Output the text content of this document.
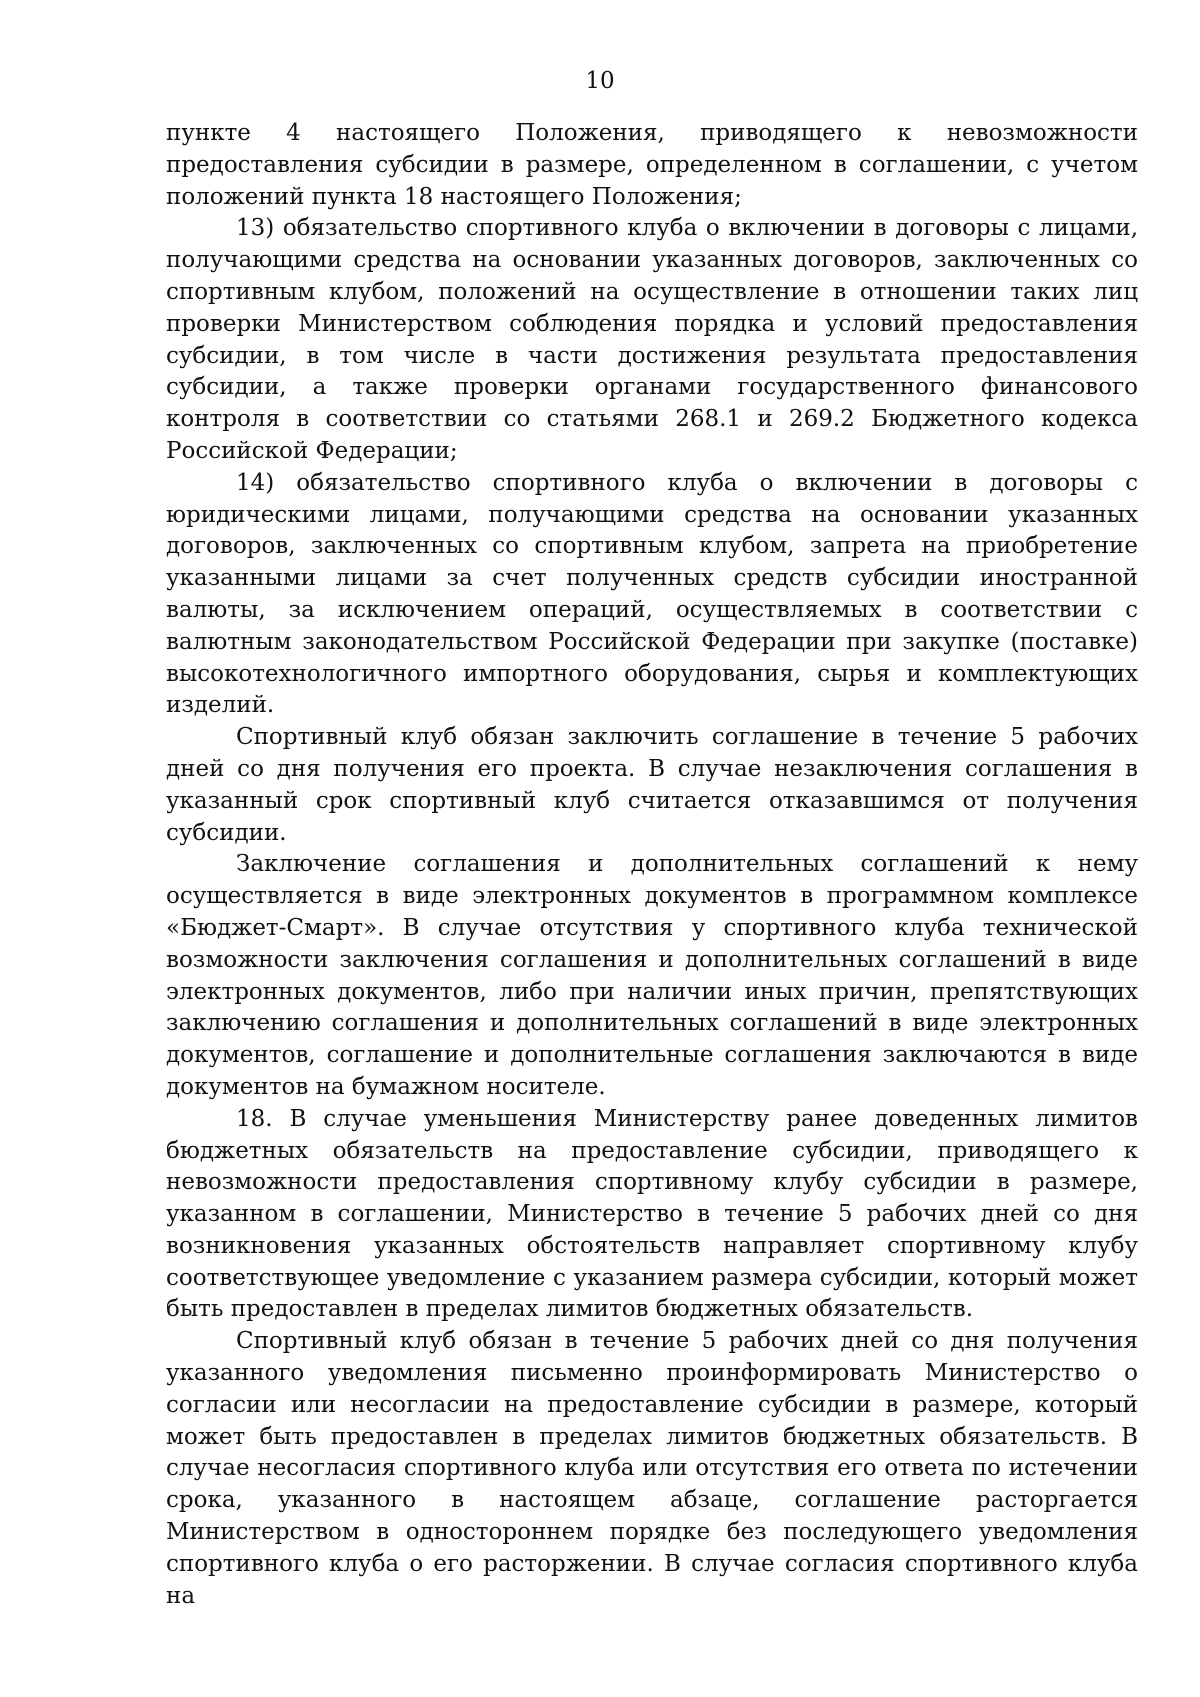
10

пункте 4 настоящего Положения, приводящего к невозможности предоставления субсидии в размере, определенном в соглашении, с учетом положений пункта 18 настоящего Положения;

13) обязательство спортивного клуба о включении в договоры с лицами, получающими средства на основании указанных договоров, заключенных со спортивным клубом, положений на осуществление в отношении таких лиц проверки Министерством соблюдения порядка и условий предоставления субсидии, в том числе в части достижения результата предоставления субсидии, а также проверки органами государственного финансового контроля в соответствии со статьями 268.1 и 269.2 Бюджетного кодекса Российской Федерации;

14) обязательство спортивного клуба о включении в договоры с юридическими лицами, получающими средства на основании указанных договоров, заключенных со спортивным клубом, запрета на приобретение указанными лицами за счет полученных средств субсидии иностранной валюты, за исключением операций, осуществляемых в соответствии с валютным законодательством Российской Федерации при закупке (поставке) высокотехнологичного импортного оборудования, сырья и комплектующих изделий.

Спортивный клуб обязан заключить соглашение в течение 5 рабочих дней со дня получения его проекта. В случае незаключения соглашения в указанный срок спортивный клуб считается отказавшимся от получения субсидии.

Заключение соглашения и дополнительных соглашений к нему осуществляется в виде электронных документов в программном комплексе «Бюджет-Смарт». В случае отсутствия у спортивного клуба технической возможности заключения соглашения и дополнительных соглашений в виде электронных документов, либо при наличии иных причин, препятствующих заключению соглашения и дополнительных соглашений в виде электронных документов, соглашение и дополнительные соглашения заключаются в виде документов на бумажном носителе.

18. В случае уменьшения Министерству ранее доведенных лимитов бюджетных обязательств на предоставление субсидии, приводящего к невозможности предоставления спортивному клубу субсидии в размере, указанном в соглашении, Министерство в течение 5 рабочих дней со дня возникновения указанных обстоятельств направляет спортивному клубу соответствующее уведомление с указанием размера субсидии, который может быть предоставлен в пределах лимитов бюджетных обязательств.

Спортивный клуб обязан в течение 5 рабочих дней со дня получения указанного уведомления письменно проинформировать Министерство о согласии или несогласии на предоставление субсидии в размере, который может быть предоставлен в пределах лимитов бюджетных обязательств. В случае несогласия спортивного клуба или отсутствия его ответа по истечении срока, указанного в настоящем абзаце, соглашение расторгается Министерством в одностороннем порядке без последующего уведомления спортивного клуба о его расторжении. В случае согласия спортивного клуба на
